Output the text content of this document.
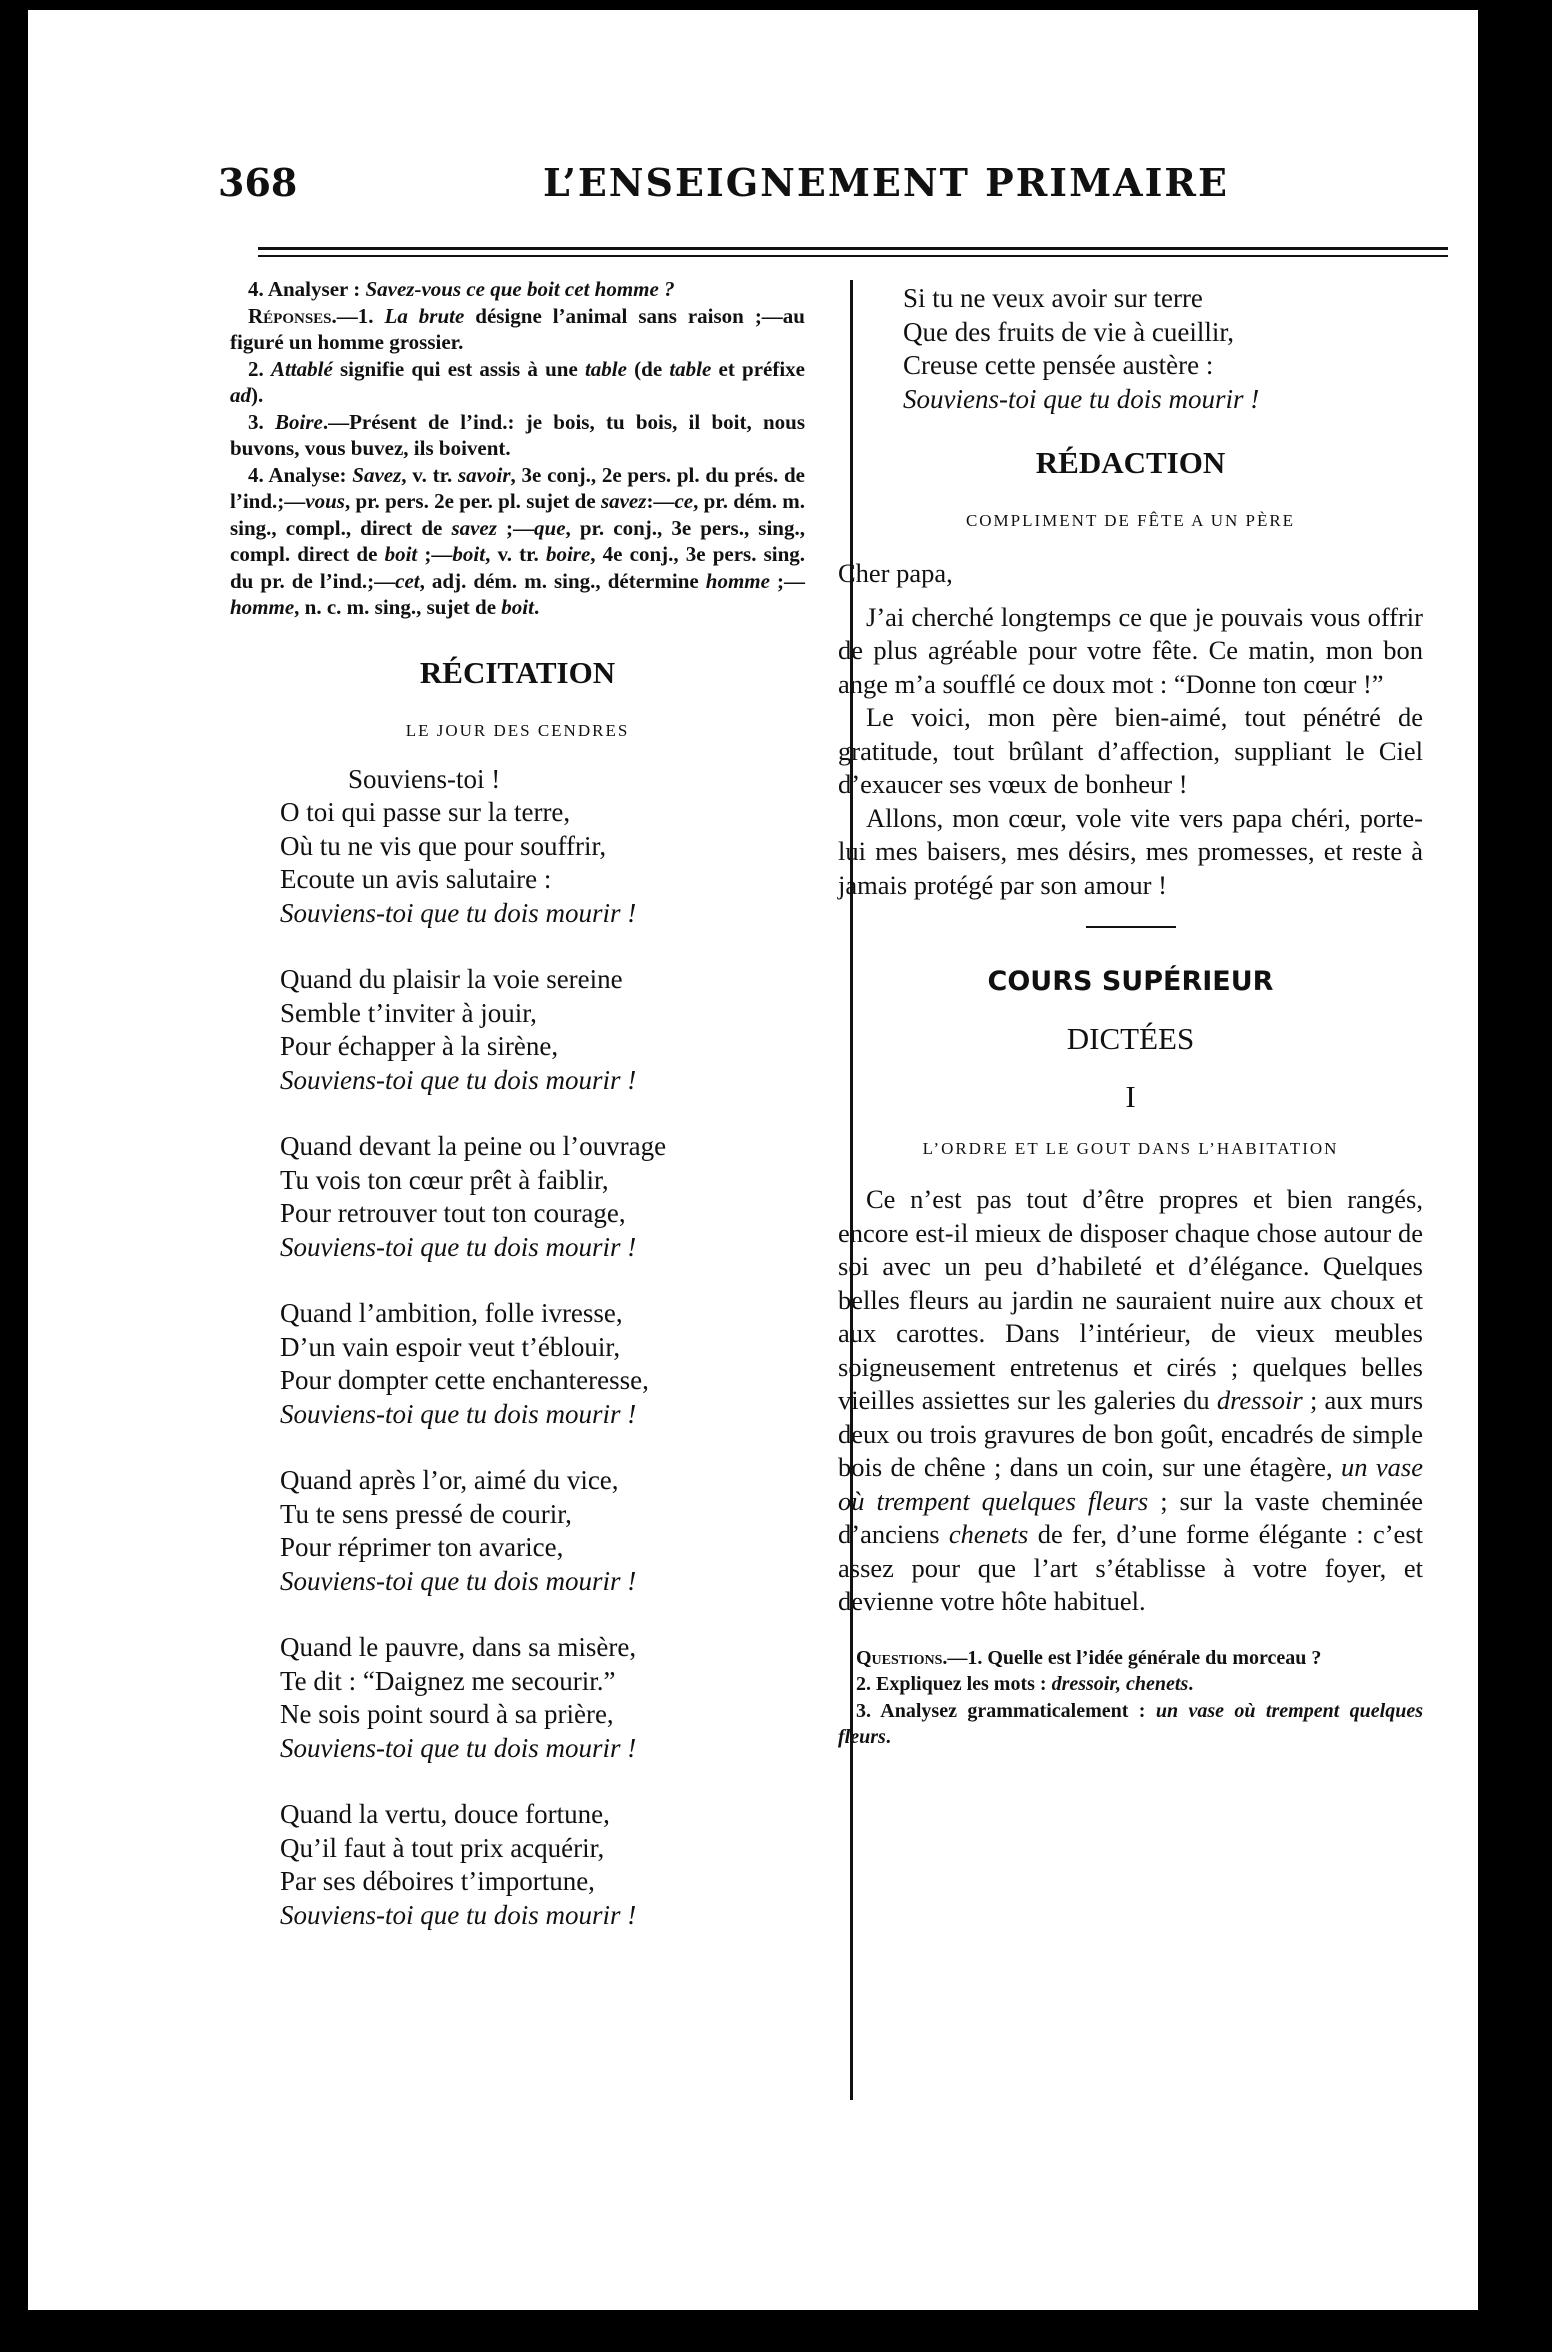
368	L’ENSEIGNEMENT PRIMAIRE

4. Analyser : Savez-vous ce que boit cet homme ?

Réponses.—1. La brute désigne l’animal sans raison ;—au figuré un homme grossier.

2. Attablé signifie qui est assis à une table (de table et préfixe ad).

3. Boire.—Présent de l’ind.: je bois, tu bois, il boit, nous buvons, vous buvez, ils boivent.

4. Analyse: Savez, v. tr. savoir, 3e conj., 2e pers. pl. du prés. de l’ind.;—vous, pr. pers. 2e per. pl. sujet de savez:—ce, pr. dém. m. sing., compl., direct de savez ;—que, pr. conj., 3e pers., sing., compl. direct de boit ;—boit, v. tr. boire, 4e conj., 3e pers. sing. du pr. de l’ind.;—cet, adj. dém. m. sing., détermine homme ;— homme, n. c. m. sing., sujet de boit.

RÉCITATION

LE JOUR DES CENDRES

Souviens-toi !

O toi qui passe sur la terre,
Où tu ne vis que pour souffrir,
Ecoute un avis salutaire :
Souviens-toi que tu dois mourir !
Quand du plaisir la voie sereine
Semble t’inviter à jouir,
Pour échapper à la sirène,
Souviens-toi que tu dois mourir !
Quand devant la peine ou l’ouvrage
Tu vois ton cœur prêt à faiblir,
Pour retrouver tout ton courage,
Souviens-toi que tu dois mourir !
Quand l’ambition, folle ivresse,
D’un vain espoir veut t’éblouir,
Pour dompter cette enchanteresse,
Souviens-toi que tu dois mourir !
Quand après l’or, aimé du vice,
Tu te sens pressé de courir,
Pour réprimer ton avarice,
Souviens-toi que tu dois mourir !
Quand le pauvre, dans sa misère,
Te dit : “Daignez me secourir.”
Ne sois point sourd à sa prière,
Souviens-toi que tu dois mourir !
Quand la vertu, douce fortune,
Qu’il faut à tout prix acquérir,
Par ses déboires t’importune,
Souviens-toi que tu dois mourir !
Si tu ne veux avoir sur terre
Que des fruits de vie à cueillir,
Creuse cette pensée austère :
Souviens-toi que tu dois mourir !
RÉDACTION

COMPLIMENT DE FÊTE A UN PÈRE

Cher papa,

J’ai cherché longtemps ce que je pouvais vous offrir de plus agréable pour votre fête. Ce matin, mon bon ange m’a soufflé ce doux mot : “Donne ton cœur !”

Le voici, mon père bien-aimé, tout pénétré de gratitude, tout brûlant d’affection, suppliant le Ciel d’exaucer ses vœux de bonheur !

Allons, mon cœur, vole vite vers papa chéri, porte-lui mes baisers, mes désirs, mes promesses, et reste à jamais protégé par son amour !

COURS SUPÉRIEUR

DICTÉES
I

L’ORDRE ET LE GOUT DANS L’HABITATION

Ce n’est pas tout d’être propres et bien rangés, encore est-il mieux de disposer chaque chose autour de soi avec un peu d’habileté et d’élégance. Quelques belles fleurs au jardin ne sauraient nuire aux choux et aux carottes. Dans l’intérieur, de vieux meubles soigneusement entretenus et cirés ; quelques belles vieilles assiettes sur les galeries du dressoir ; aux murs deux ou trois gravures de bon goût, encadrés de simple bois de chêne ; dans un coin, sur une étagère, un vase où trempent quelques fleurs ; sur la vaste cheminée d’anciens chenets de fer, d’une forme élégante : c’est assez pour que l’art s’établisse à votre foyer, et devienne votre hôte habituel.

Questions.—1. Quelle est l’idée générale du morceau ?

2. Expliquez les mots : dressoir, chenets.

3. Analysez grammaticalement : un vase où trempent quelques fleurs.
